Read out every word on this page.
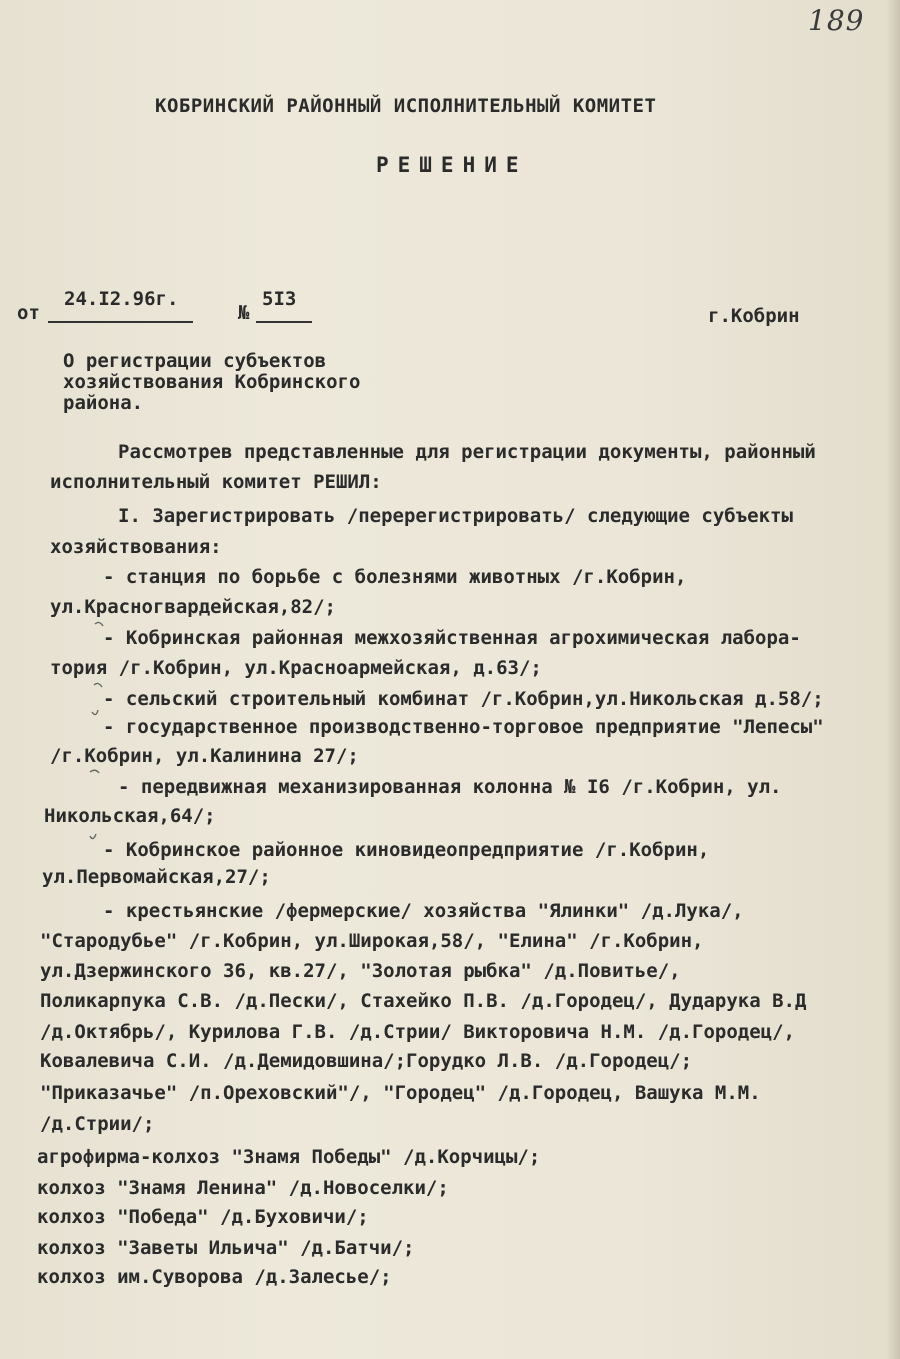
189
КОБРИНСКИЙ РАЙОННЫЙ ИСПОЛНИТЕЛЬНЫЙ КОМИТЕТ
РЕШЕНИЕ
от
24.I2.96г.
№
5I3
г.Кобрин
О регистрации субъектов
хозяйствования Кобринского
района.
Рассмотрев представленные для регистрации документы, районный
исполнительный комитет РЕШИЛ:
I. Зарегистрировать /перерегистрировать/ следующие субъекты
хозяйствования:
- станция по борьбе с болезнями животных /г.Кобрин,
ул.Красногвардейская,82/;
- Кобринская районная межхозяйственная агрохимическая лабора-
тория /г.Кобрин, ул.Красноармейская, д.63/;
- сельский строительный комбинат /г.Кобрин,ул.Никольская д.58/;
- государственное производственно-торговое предприятие "Лепесы"
/г.Кобрин, ул.Калинина 27/;
- передвижная механизированная колонна № I6 /г.Кобрин, ул.
Никольская,64/;
- Кобринское районное киновидеопредприятие /г.Кобрин,
ул.Первомайская,27/;
- крестьянские /фермерские/ хозяйства "Ялинки" /д.Лука/,
"Стародубье" /г.Кобрин, ул.Широкая,58/, "Елина" /г.Кобрин,
ул.Дзержинского 36, кв.27/, "Золотая рыбка" /д.Повитье/,
Поликарпука С.В. /д.Пески/, Стахейко П.В. /д.Городец/, Дударука В.Д
/д.Октябрь/, Курилова Г.В. /д.Стрии/ Викторовича Н.М. /д.Городец/,
Ковалевича С.И. /д.Демидовшина/;Горудко Л.В. /д.Городец/;
"Приказачье" /п.Ореховский"/, "Городец" /д.Городец, Вашука М.М.
/д.Стрии/;
агрофирма-колхоз "Знамя Победы" /д.Корчицы/;
колхоз "Знамя Ленина" /д.Новоселки/;
колхоз "Победа" /д.Буховичи/;
колхоз "Заветы Ильича" /д.Батчи/;
колхоз им.Суворова /д.Залесье/;
